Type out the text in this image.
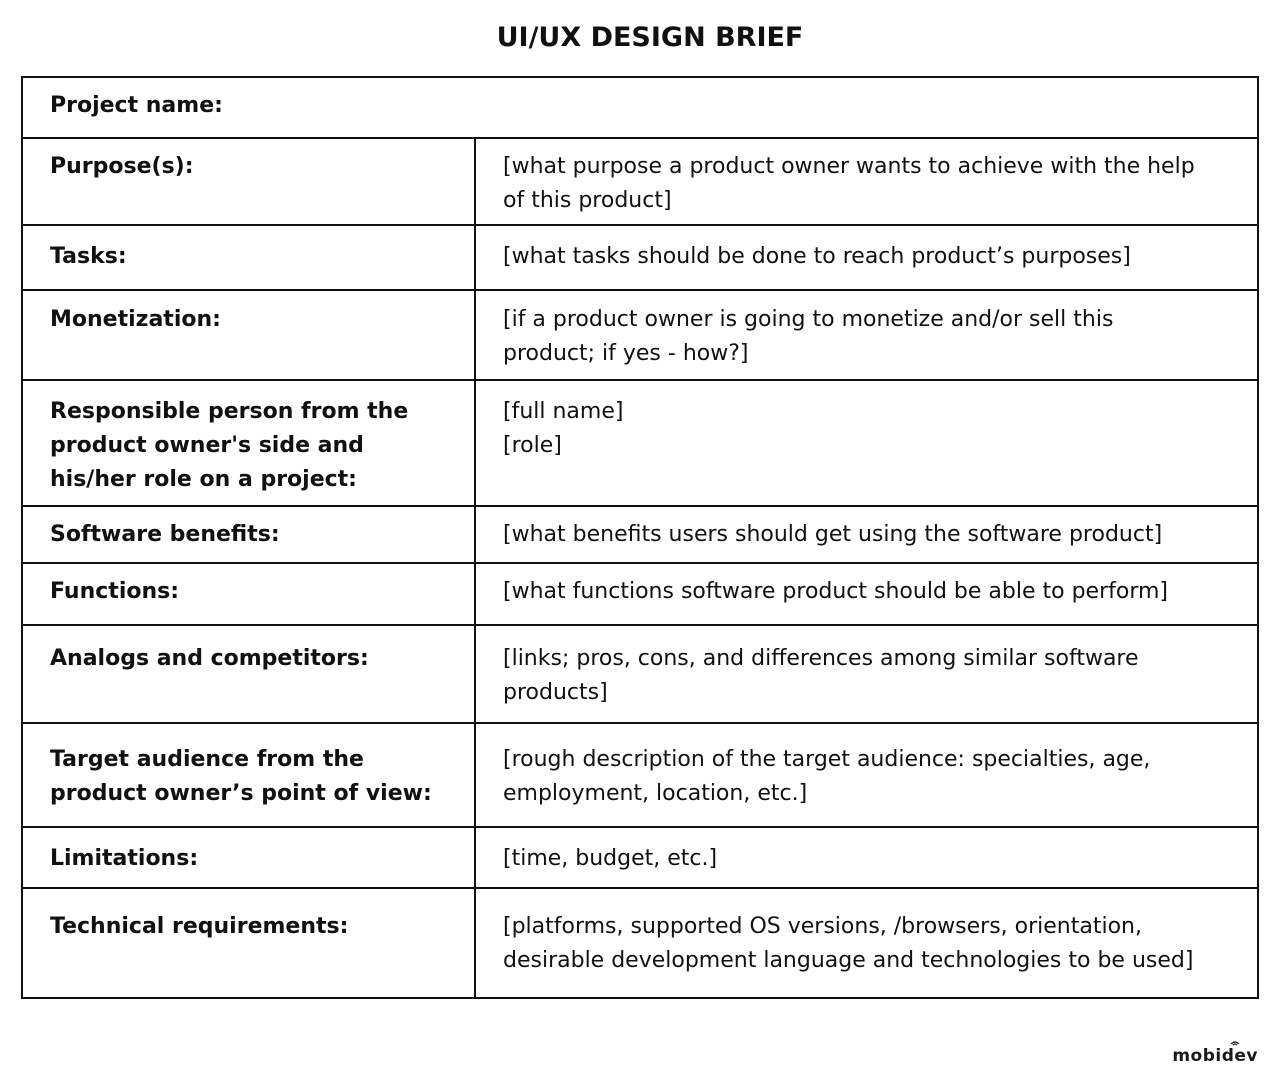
UI/UX DESIGN BRIEF
Project name:	

Purpose(s):	[what purpose a product owner wants to achieve with the help
of this product]

Tasks:	[what tasks should be done to reach product’s purposes]

Monetization:	[if a product owner is going to monetize and/or sell this
product; if yes - how?]

Responsible person from the
product owner's side and
his/her role on a project:	[full name]
[role]

Software benefits:	[what benefits users should get using the software product]

Functions:	[what functions software product should be able to perform]

Analogs and competitors:	[links; pros, cons, and differences among similar software
products]

Target audience from the
product owner’s point of view:	[rough description of the target audience: specialties, age,
employment, location, etc.]

Limitations:	[time, budget, etc.]

Technical requirements:	[platforms, supported OS versions, /browsers, orientation,
desirable development language and technologies to be used]
mobidev
